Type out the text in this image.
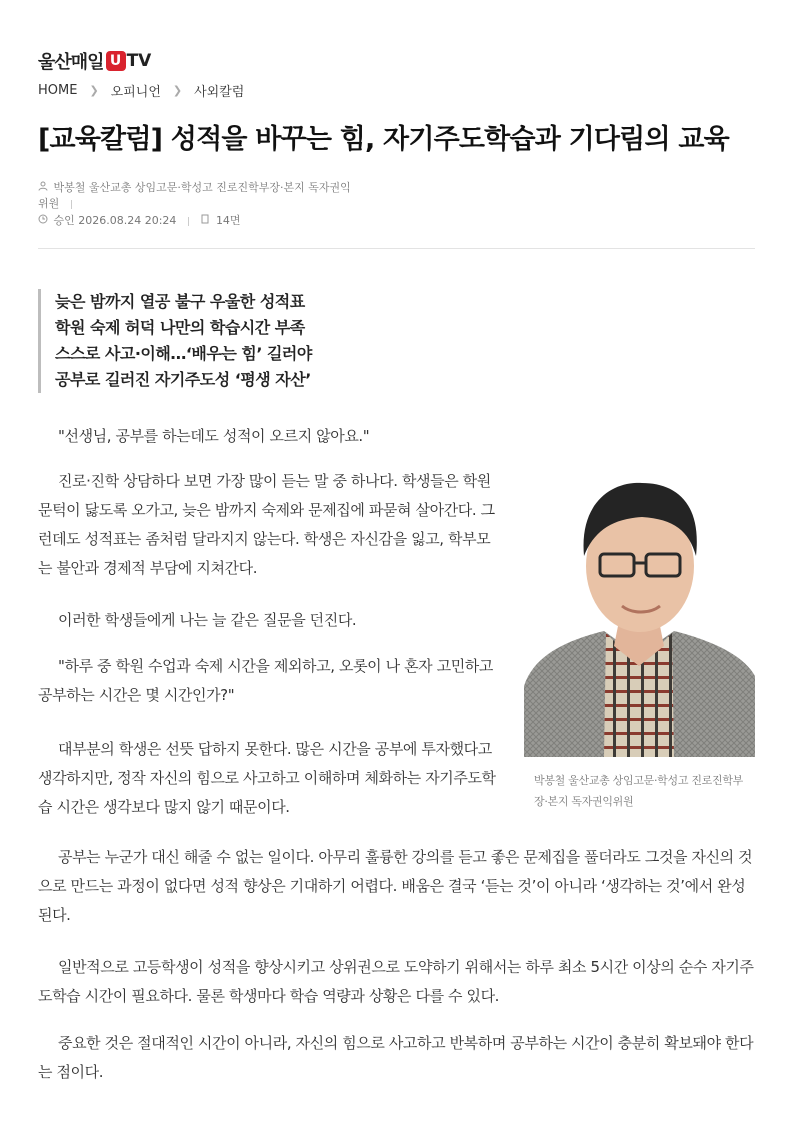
울산매일 U TV
HOME ❯ 오피니언 ❯ 사외칼럼
[교육칼럼] 성적을 바꾸는 힘, 자기주도학습과 기다림의 교육
박봉철 울산교총 상임고문·학성고 진로진학부장·본지 독자권익
위원
승인 2026.08.24 20:24	14면
늦은 밤까지 열공 불구 우울한 성적표
학원 숙제 허덕 나만의 학습시간 부족
스스로 사고·이해…‘배우는 힘’ 길러야
공부로 길러진 자기주도성 ‘평생 자산’

"선생님, 공부를 하는데도 성적이 오르지 않아요."

진로·진학 상담하다 보면 가장 많이 듣는 말 중 하나다. 학생들은 학원 문턱이 닳도록 오가고, 늦은 밤까지 숙제와 문제집에 파묻혀 살아간다. 그런데도 성적표는 좀처럼 달라지지 않는다. 학생은 자신감을 잃고, 학부모는 불안과 경제적 부담에 지쳐간다.

이러한 학생들에게 나는 늘 같은 질문을 던진다.

"하루 중 학원 수업과 숙제 시간을 제외하고, 오롯이 나 혼자 고민하고 공부하는 시간은 몇 시간인가?"

대부분의 학생은 선뜻 답하지 못한다. 많은 시간을 공부에 투자했다고 생각하지만, 정작 자신의 힘으로 사고하고 이해하며 체화하는 자기주도학습 시간은 생각보다 많지 않기 때문이다.

공부는 누군가 대신 해줄 수 없는 일이다. 아무리 훌륭한 강의를 듣고 좋은 문제집을 풀더라도 그것을 자신의 것으로 만드는 과정이 없다면 성적 향상은 기대하기 어렵다. 배움은 결국 ‘듣는 것’이 아니라 ‘생각하는 것’에서 완성된다.

일반적으로 고등학생이 성적을 향상시키고 상위권으로 도약하기 위해서는 하루 최소 5시간 이상의 순수 자기주도학습 시간이 필요하다. 물론 학생마다 학습 역량과 상황은 다를 수 있다.

중요한 것은 절대적인 시간이 아니라, 자신의 힘으로 사고하고 반복하며 공부하는 시간이 충분히 확보돼야 한다는 점이다.

박봉철 울산교총 상임고문·학성고 진로진학부장·본지 독자권익위원
